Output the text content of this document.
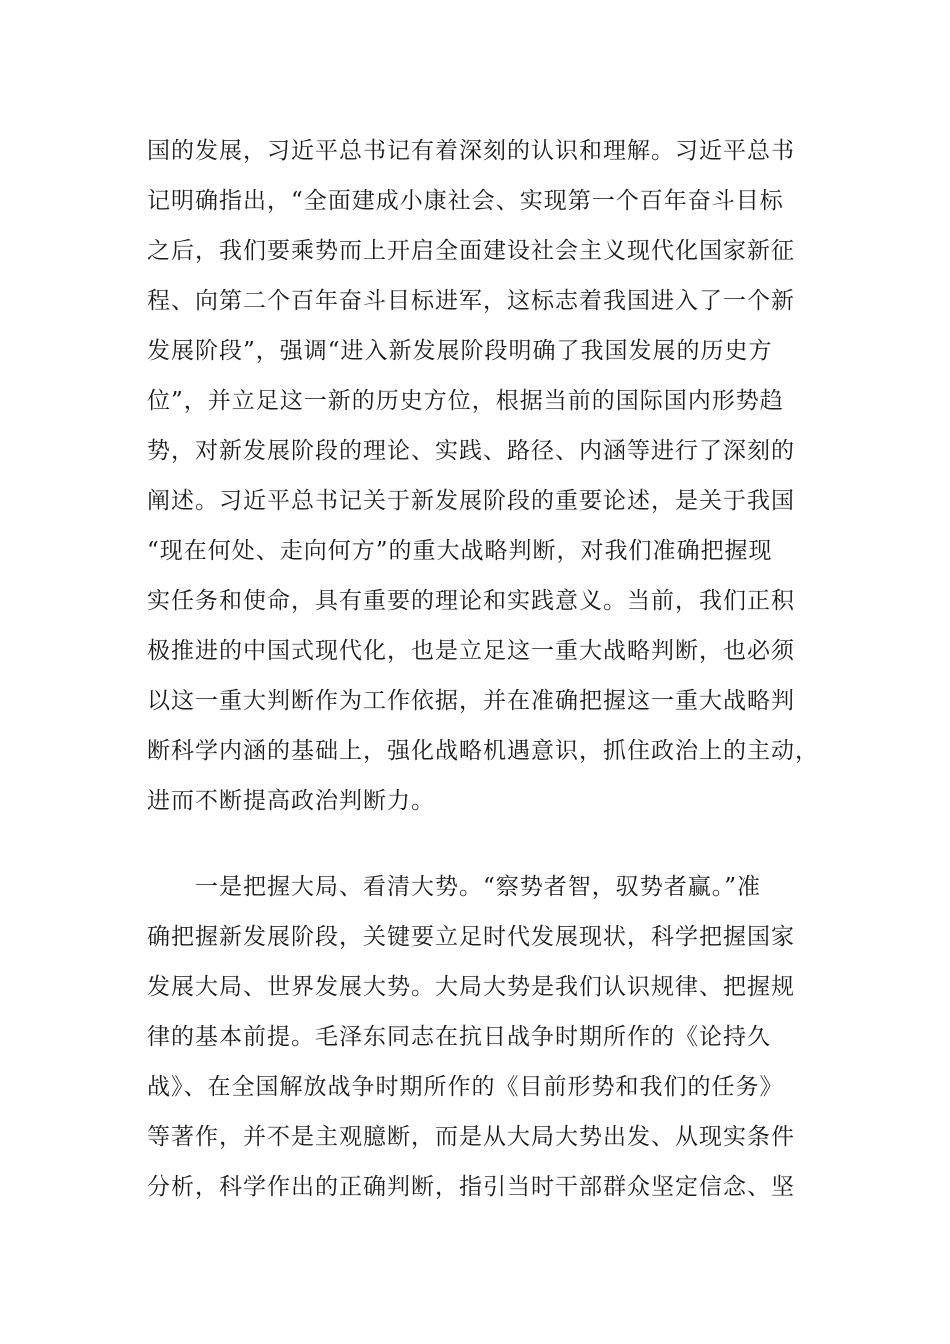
国的发展，习近平总书记有着深刻的认识和理解。习近平总书
记明确指出，“全面建成小康社会、实现第一个百年奋斗目标
之后，我们要乘势而上开启全面建设社会主义现代化国家新征
程、向第二个百年奋斗目标进军，这标志着我国进入了一个新
发展阶段”，强调“进入新发展阶段明确了我国发展的历史方
位”，并立足这一新的历史方位，根据当前的国际国内形势趋
势，对新发展阶段的理论、实践、路径、内涵等进行了深刻的
阐述。习近平总书记关于新发展阶段的重要论述，是关于我国
“现在何处、走向何方”的重大战略判断，对我们准确把握现
实任务和使命，具有重要的理论和实践意义。当前，我们正积
极推进的中国式现代化，也是立足这一重大战略判断，也必须
以这一重大判断作为工作依据，并在准确把握这一重大战略判
断科学内涵的基础上，强化战略机遇意识，抓住政治上的主动，
进而不断提高政治判断力。
一是把握大局、看清大势。“察势者智，驭势者赢。”准
确把握新发展阶段，关键要立足时代发展现状，科学把握国家
发展大局、世界发展大势。大局大势是我们认识规律、把握规
律的基本前提。毛泽东同志在抗日战争时期所作的《论持久
战》、在全国解放战争时期所作的《目前形势和我们的任务》
等著作，并不是主观臆断，而是从大局大势出发、从现实条件
分析，科学作出的正确判断，指引当时干部群众坚定信念、坚
